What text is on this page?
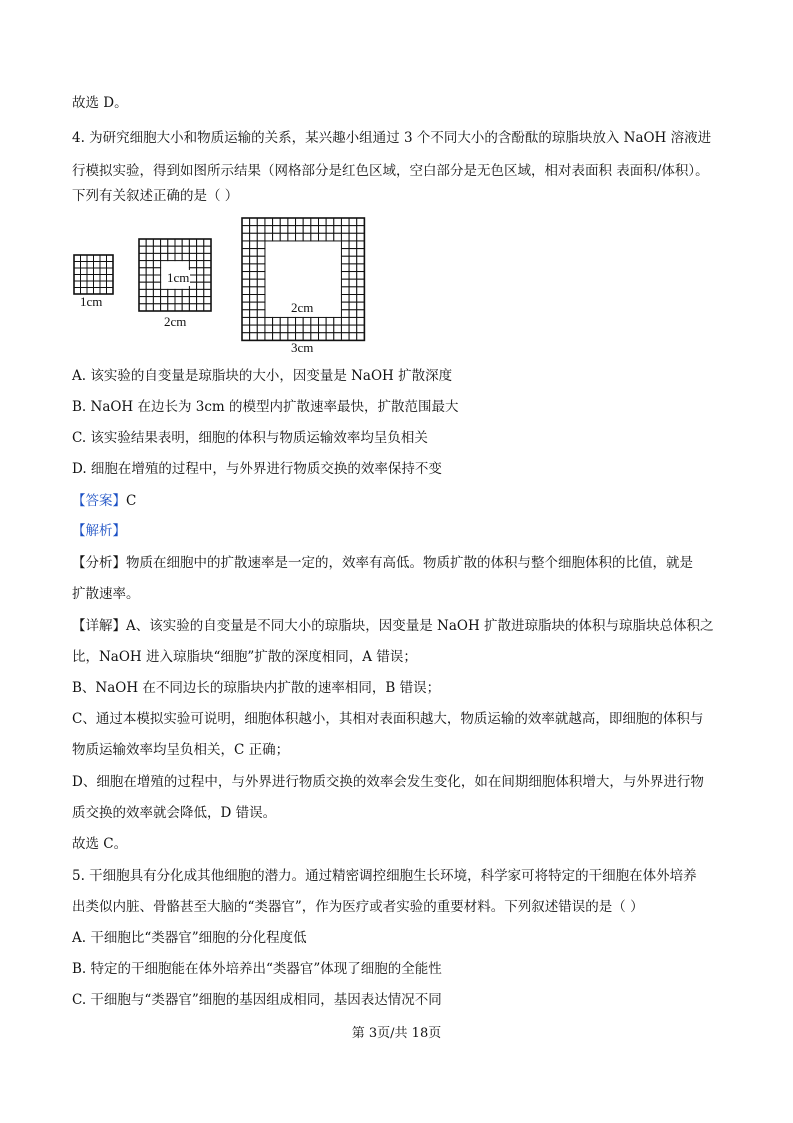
故选 D。
4. 为研究细胞大小和物质运输的关系，某兴趣小组通过 3 个不同大小的含酚酞的琼脂块放入 NaOH 溶液进
行模拟实验，得到如图所示结果（网格部分是红色区域，空白部分是无色区域，相对表面积 表面积/体积）。
下列有关叙述正确的是（ ）
1cm
1cm
2cm
2cm
3cm
A. 该实验的自变量是琼脂块的大小，因变量是 NaOH 扩散深度
B. NaOH 在边长为 3cm 的模型内扩散速率最快，扩散范围最大
C. 该实验结果表明，细胞的体积与物质运输效率均呈负相关
D. 细胞在增殖的过程中，与外界进行物质交换的效率保持不变
【答案】C
【解析】
【分析】物质在细胞中的扩散速率是一定的，效率有高低。物质扩散的体积与整个细胞体积的比值，就是
扩散速率。
【详解】A、该实验的自变量是不同大小的琼脂块，因变量是 NaOH 扩散进琼脂块的体积与琼脂块总体积之
比，NaOH 进入琼脂块“细胞”扩散的深度相同，A 错误；
B、NaOH 在不同边长的琼脂块内扩散的速率相同，B 错误；
C、通过本模拟实验可说明，细胞体积越小，其相对表面积越大，物质运输的效率就越高，即细胞的体积与
物质运输效率均呈负相关，C 正确；
D、细胞在增殖的过程中，与外界进行物质交换的效率会发生变化，如在间期细胞体积增大，与外界进行物
质交换的效率就会降低，D 错误。
故选 C。
5. 干细胞具有分化成其他细胞的潜力。通过精密调控细胞生长环境，科学家可将特定的干细胞在体外培养
出类似内脏、骨骼甚至大脑的“类器官”，作为医疗或者实验的重要材料。下列叙述错误的是（ ）
A. 干细胞比“类器官”细胞的分化程度低
B. 特定的干细胞能在体外培养出“类器官”体现了细胞的全能性
C. 干细胞与“类器官”细胞的基因组成相同，基因表达情况不同
第 3页/共 18页
